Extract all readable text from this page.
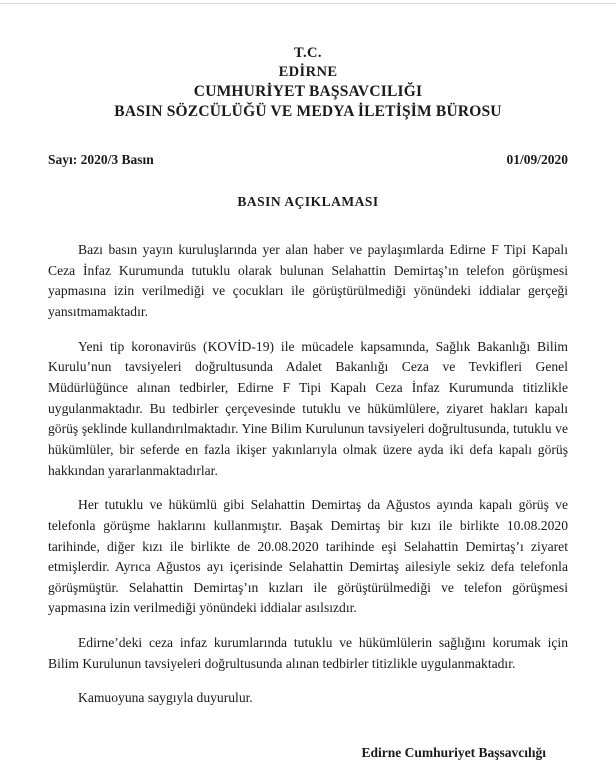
T.C.
EDİRNE
CUMHURİYET BAŞSAVCILIĞI
BASIN SÖZCÜLÜĞÜ VE MEDYA İLETİŞİM BÜROSU
Sayı: 2020/3 Basın	01/09/2020
BASIN AÇIKLAMASI

Bazı basın yayın kuruluşlarında yer alan haber ve paylaşımlarda Edirne F Tipi Kapalı Ceza İnfaz Kurumunda tutuklu olarak bulunan Selahattin Demirtaş’ın telefon görüşmesi yapmasına izin verilmediği ve çocukları ile görüştürülmediği yönündeki iddialar gerçeği yansıtmamaktadır.

Yeni tip koronavirüs (KOVİD-19) ile mücadele kapsamında, Sağlık Bakanlığı Bilim Kurulu’nun tavsiyeleri doğrultusunda Adalet Bakanlığı Ceza ve Tevkifleri Genel Müdürlüğünce alınan tedbirler, Edirne F Tipi Kapalı Ceza İnfaz Kurumunda titizlikle uygulanmaktadır. Bu tedbirler çerçevesinde tutuklu ve hükümlülere, ziyaret hakları kapalı görüş şeklinde kullandırılmaktadır. Yine Bilim Kurulunun tavsiyeleri doğrultusunda, tutuklu ve hükümlüler, bir seferde en fazla ikişer yakınlarıyla olmak üzere ayda iki defa kapalı görüş hakkından yararlanmaktadırlar.

Her tutuklu ve hükümlü gibi Selahattin Demirtaş da Ağustos ayında kapalı görüş ve telefonla görüşme haklarını kullanmıştır. Başak Demirtaş bir kızı ile birlikte 10.08.2020 tarihinde, diğer kızı ile birlikte de 20.08.2020 tarihinde eşi Selahattin Demirtaş’ı ziyaret etmişlerdir. Ayrıca Ağustos ayı içerisinde Selahattin Demirtaş ailesiyle sekiz defa telefonla görüşmüştür. Selahattin Demirtaş’ın kızları ile görüştürülmediği ve telefon görüşmesi yapmasına izin verilmediği yönündeki iddialar asılsızdır.

Edirne’deki ceza infaz kurumlarında tutuklu ve hükümlülerin sağlığını korumak için Bilim Kurulunun tavsiyeleri doğrultusunda alınan tedbirler titizlikle uygulanmaktadır.

Kamuoyuna saygıyla duyurulur.

Edirne Cumhuriyet Başsavcılığı
